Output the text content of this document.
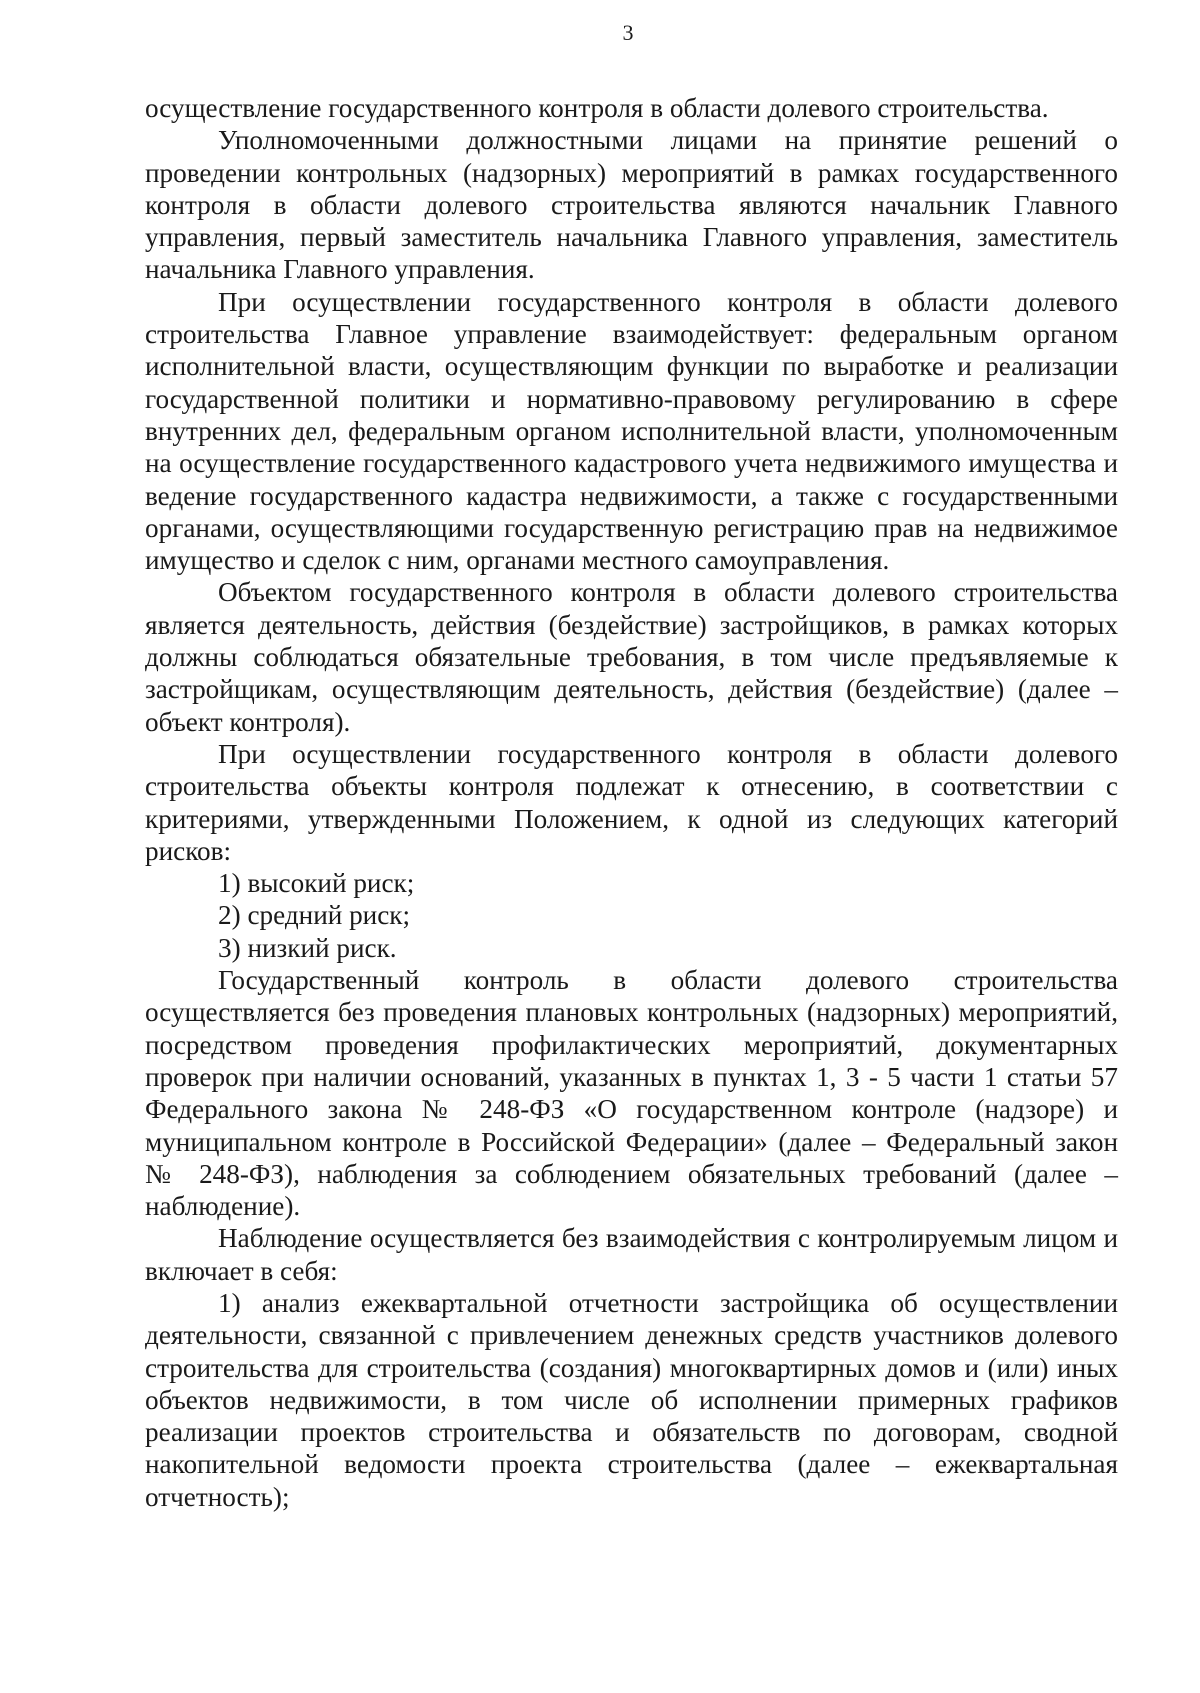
3

осуществление государственного контроля в области долевого строительства.

Уполномоченными должностными лицами на принятие решений о проведении контрольных (надзорных) мероприятий в рамках государственного контроля в области долевого строительства являются начальник Главного управления, первый заместитель начальника Главного управления, заместитель начальника Главного управления.

При осуществлении государственного контроля в области долевого строительства Главное управление взаимодействует: федеральным органом исполнительной власти, осуществляющим функции по выработке и реализации государственной политики и нормативно-правовому регулированию в сфере внутренних дел, федеральным органом исполнительной власти, уполномоченным на осуществление государственного кадастрового учета недвижимого имущества и ведение государственного кадастра недвижимости, а также с государственными органами, осуществляющими государственную регистрацию прав на недвижимое имущество и сделок с ним, органами местного самоуправления.

Объектом государственного контроля в области долевого строительства является деятельность, действия (бездействие) застройщиков, в рамках которых должны соблюдаться обязательные требования, в том числе предъявляемые к застройщикам, осуществляющим деятельность, действия (бездействие) (далее – объект контроля).

При осуществлении государственного контроля в области долевого строительства объекты контроля подлежат к отнесению, в соответствии с критериями, утвержденными Положением, к одной из следующих категорий рисков:

1) высокий риск;

2) средний риск;

3) низкий риск.

Государственный контроль в области долевого строительства осуществляется без проведения плановых контрольных (надзорных) мероприятий, посредством проведения профилактических мероприятий, документарных проверок при наличии оснований, указанных в пунктах 1, 3 - 5 части 1 статьи 57 Федерального закона № 248-ФЗ «О государственном контроле (надзоре) и муниципальном контроле в Российской Федерации» (далее – Федеральный закон № 248-ФЗ), наблюдения за соблюдением обязательных требований (далее – наблюдение).

Наблюдение осуществляется без взаимодействия с контролируемым лицом и включает в себя:

1) анализ ежеквартальной отчетности застройщика об осуществлении деятельности, связанной с привлечением денежных средств участников долевого строительства для строительства (создания) многоквартирных домов и (или) иных объектов недвижимости, в том числе об исполнении примерных графиков реализации проектов строительства и обязательств по договорам, сводной накопительной ведомости проекта строительства (далее – ежеквартальная отчетность);
